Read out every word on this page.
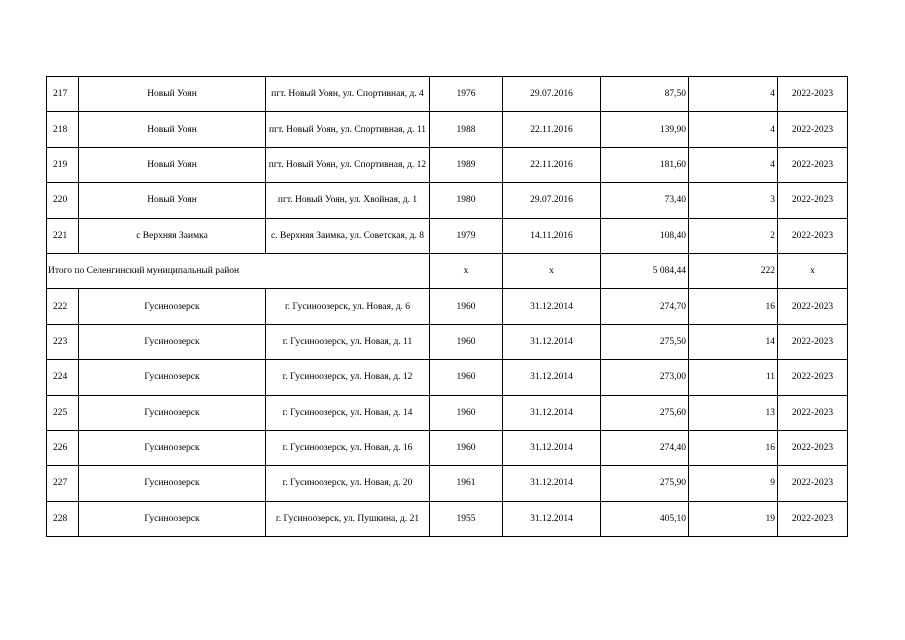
217	Новый Уоян	пгт. Новый Уоян, ул. Спортивная, д. 4	1976	29.07.2016	87,50	4	2022-2023
218	Новый Уоян	пгт. Новый Уоян, ул. Спортивная, д. 11	1988	22.11.2016	139,90	4	2022-2023
219	Новый Уоян	пгт. Новый Уоян, ул. Спортивная, д. 12	1989	22.11.2016	181,60	4	2022-2023
220	Новый Уоян	пгт. Новый Уоян, ул. Хвойная, д. 1	1980	29.07.2016	73,40	3	2022-2023
221	с Верхняя Заимка	с. Верхняя Заимка, ул. Советская, д. 8	1979	14.11.2016	108,40	2	2022-2023
Итого по Селенгинский муниципальный район			x	x	5 084,44	222	x
222	Гусиноозерск	г. Гусиноозерск, ул. Новая, д. 6	1960	31.12.2014	274,70	16	2022-2023
223	Гусиноозерск	г. Гусиноозерск, ул. Новая, д. 11	1960	31.12.2014	275,50	14	2022-2023
224	Гусиноозерск	г. Гусиноозерск, ул. Новая, д. 12	1960	31.12.2014	273,00	11	2022-2023
225	Гусиноозерск	г. Гусиноозерск, ул. Новая, д. 14	1960	31.12.2014	275,60	13	2022-2023
226	Гусиноозерск	г. Гусиноозерск, ул. Новая, д. 16	1960	31.12.2014	274,40	16	2022-2023
227	Гусиноозерск	г. Гусиноозерск, ул. Новая, д. 20	1961	31.12.2014	275,90	9	2022-2023
228	Гусиноозерск	г. Гусиноозерск, ул. Пушкина, д. 21	1955	31.12.2014	405,10	19	2022-2023
